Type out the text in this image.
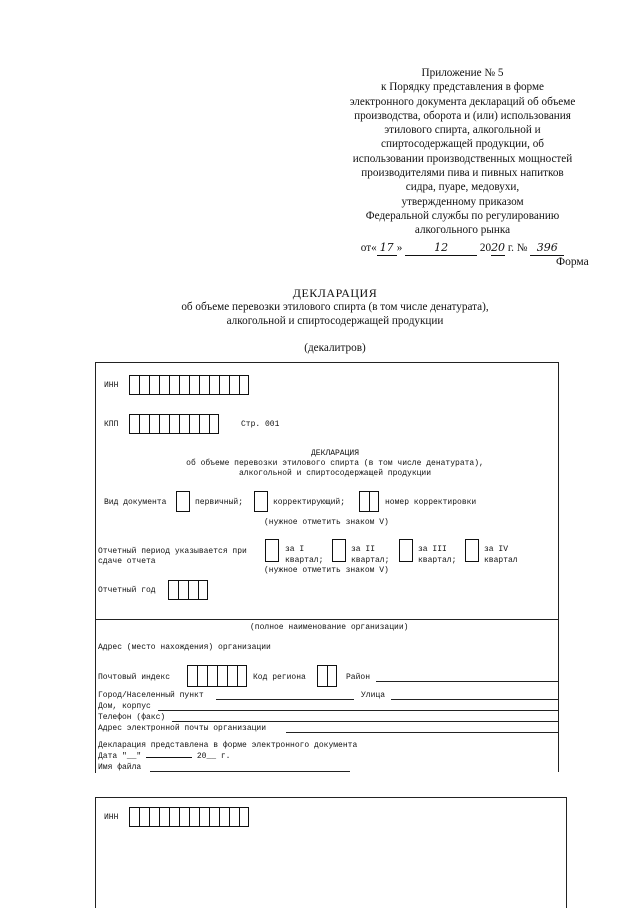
Приложение № 5
к Порядку представления в форме
электронного документа деклараций об объеме
производства, оборота и (или) использования
этилового спирта, алкогольной и
спиртосодержащей продукции, об
использовании производственных мощностей
производителями пива и пивных напитков
сидра, пуаре, медовухи,
утвержденному приказом
Федеральной службы по регулированию
алкогольного рынка
от« 17 »	12	2020 г. № 396
Форма
ДЕКЛАРАЦИЯ
об объеме перевозки этилового спирта (в том числе денатурата),
алкогольной и спиртосодержащей продукции
(декалитров)
ИНН
КПП	Стр. 001
ДЕКЛАРАЦИЯ
об объеме перевозки этилового спирта (в том числе денатурата),
алкогольной и спиртосодержащей продукции
Вид документа	первичный;	корректирующий;	номер корректировки
(нужное отметить знаком V)
Отчетный период указывается при
сдаче отчета
за I
квартал;
за II
квартал;
за III
квартал;
за IV
квартал
(нужное отметить знаком V)
Отчетный год
(полное наименование организации)
Адрес (место нахождения) организации
Почтовый индекс	Код региона	Район
Город/Населенный пункт	Улица
Дом, корпус
Телефон (факс)
Адрес электронной почты организации
Декларация представлена в форме электронного документа
Дата "__"	20__ г.
Имя файла
ИНН
